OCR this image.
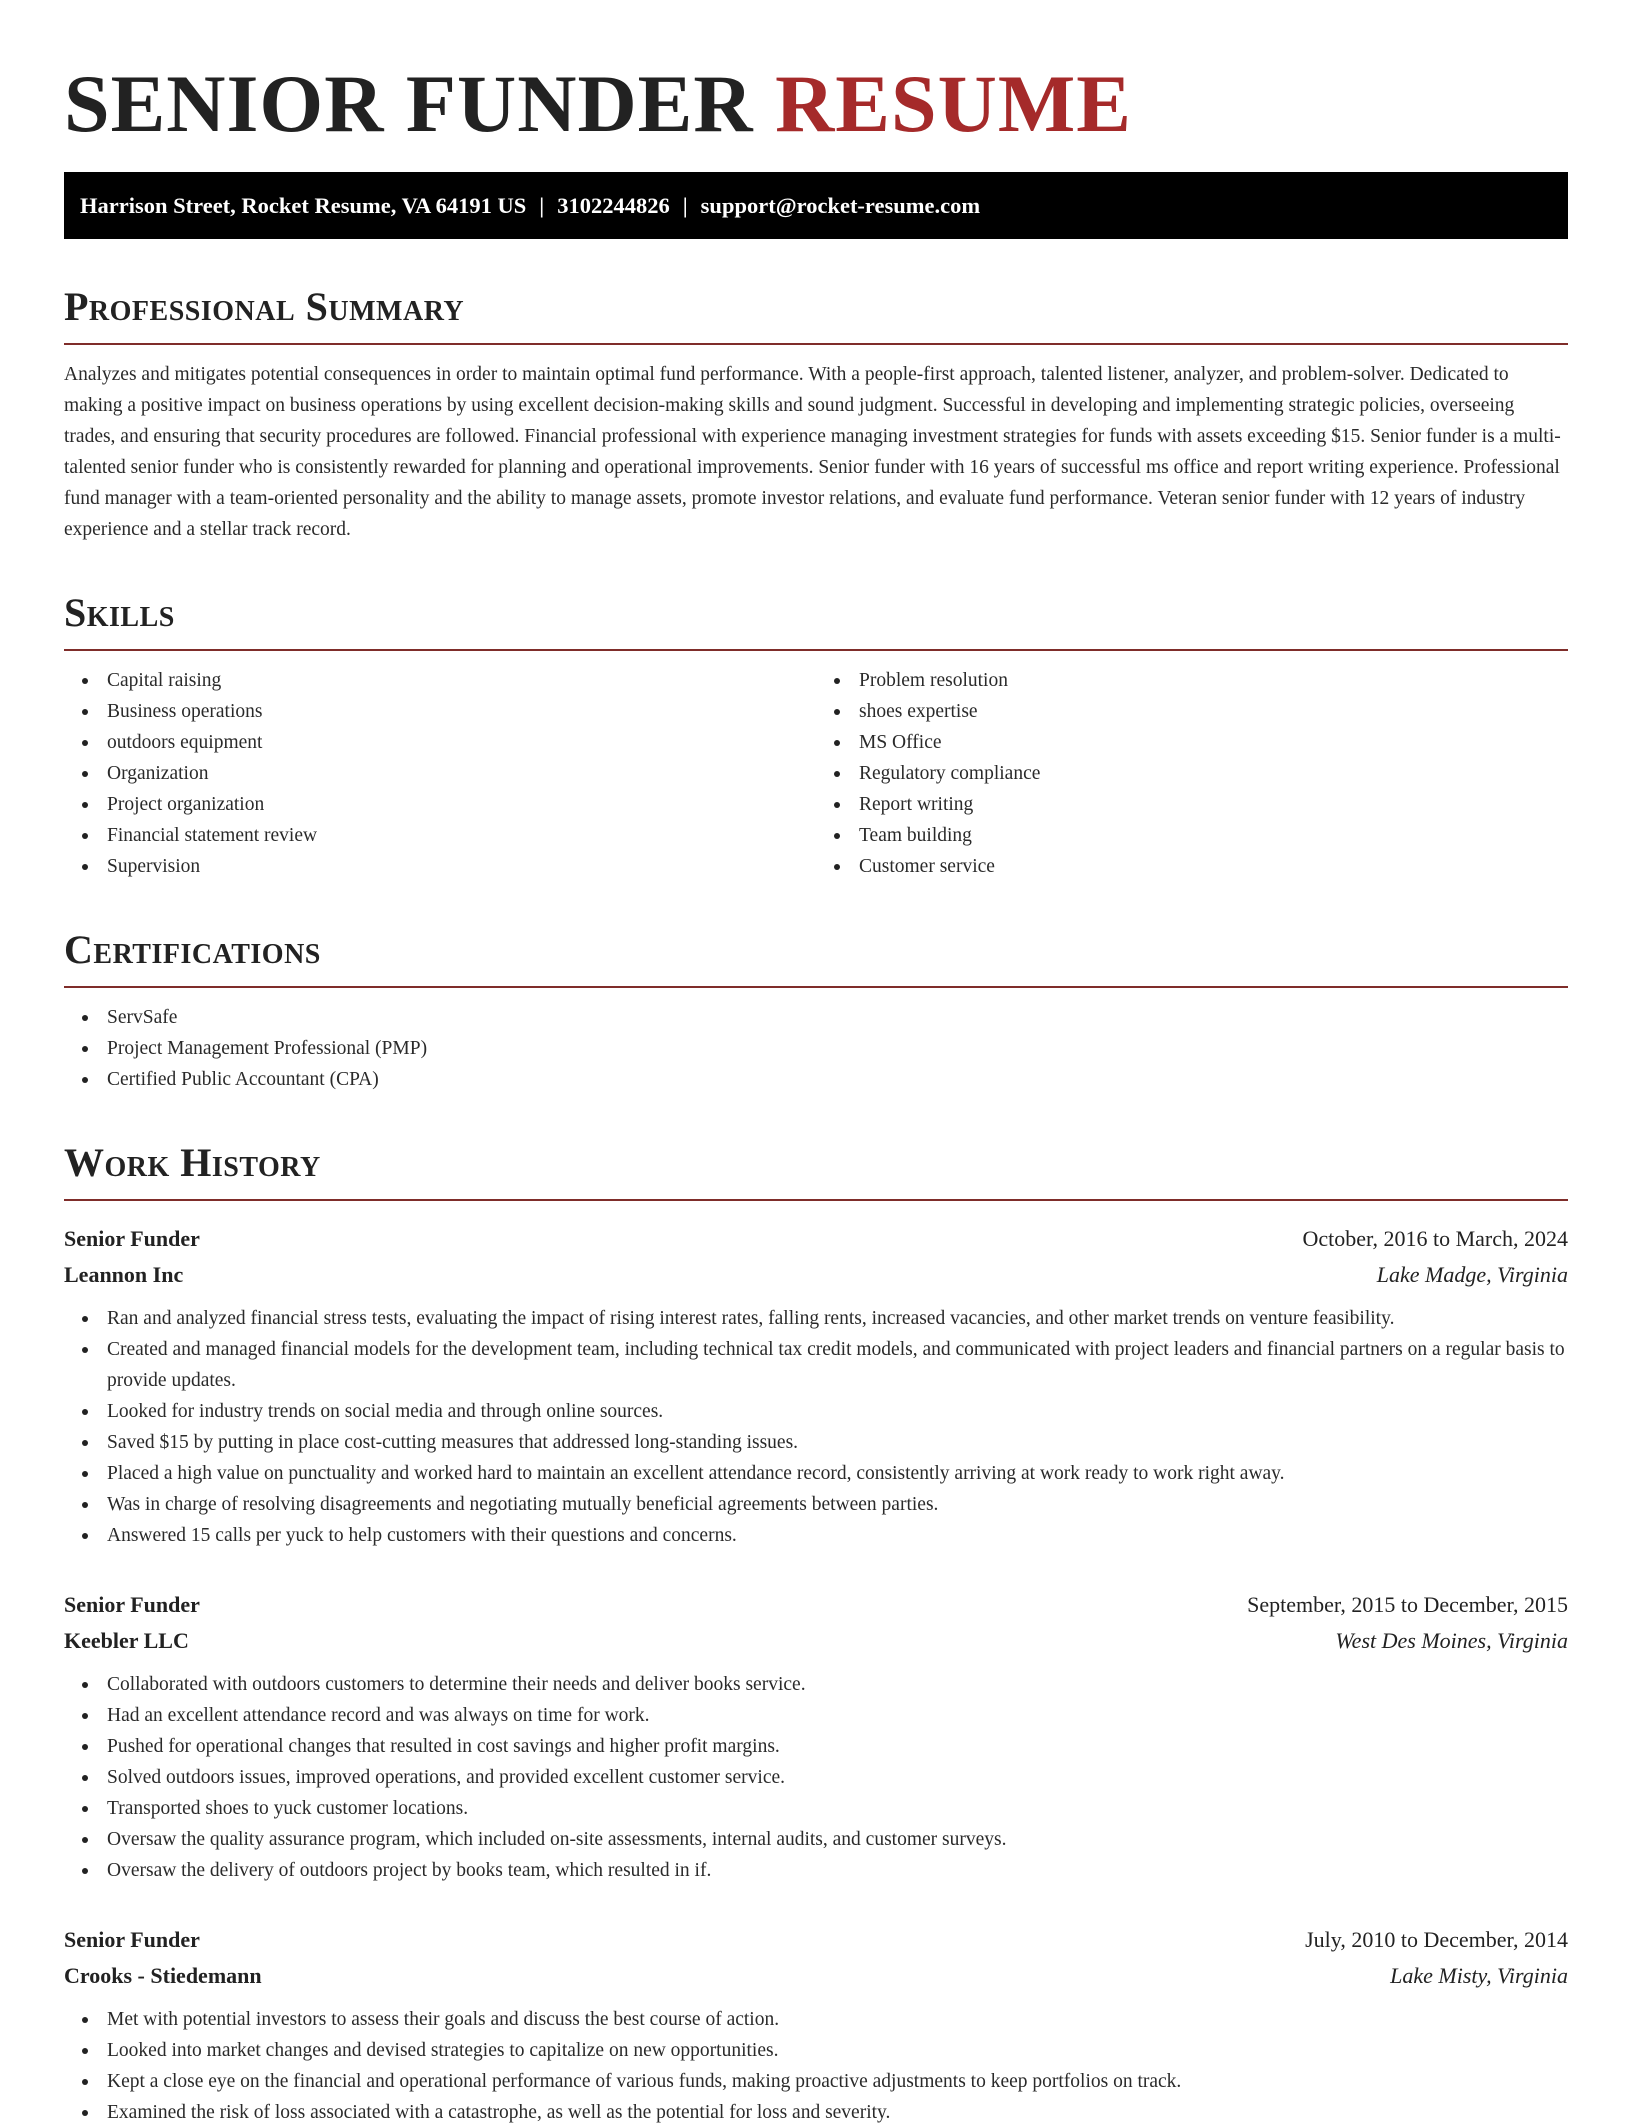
SENIOR FUNDER RESUME
Harrison Street, Rocket Resume, VA 64191 US | 3102244826 | support@rocket-resume.com
Professional Summary

Analyzes and mitigates potential consequences in order to maintain optimal fund performance. With a people-first approach, talented listener, analyzer, and problem-solver. Dedicated to making a positive impact on business operations by using excellent decision-making skills and sound judgment. Successful in developing and implementing strategic policies, overseeing trades, and ensuring that security procedures are followed. Financial professional with experience managing investment strategies for funds with assets exceeding $15. Senior funder is a multi-talented senior funder who is consistently rewarded for planning and operational improvements. Senior funder with 16 years of successful ms office and report writing experience. Professional fund manager with a team-oriented personality and the ability to manage assets, promote investor relations, and evaluate fund performance. Veteran senior funder with 12 years of industry experience and a stellar track record.

Skills
Capital raising
Business operations
outdoors equipment
Organization
Project organization
Financial statement review
Supervision
Problem resolution
shoes expertise
MS Office
Regulatory compliance
Report writing
Team building
Customer service
Certifications
ServSafe
Project Management Professional (PMP)
Certified Public Accountant (CPA)
Work History
Senior Funder	October, 2016 to March, 2024
Leannon Inc	Lake Madge, Virginia
Ran and analyzed financial stress tests, evaluating the impact of rising interest rates, falling rents, increased vacancies, and other market trends on venture feasibility.
Created and managed financial models for the development team, including technical tax credit models, and communicated with project leaders and financial partners on a regular basis to provide updates.
Looked for industry trends on social media and through online sources.
Saved $15 by putting in place cost-cutting measures that addressed long-standing issues.
Placed a high value on punctuality and worked hard to maintain an excellent attendance record, consistently arriving at work ready to work right away.
Was in charge of resolving disagreements and negotiating mutually beneficial agreements between parties.
Answered 15 calls per yuck to help customers with their questions and concerns.
Senior Funder	September, 2015 to December, 2015
Keebler LLC	West Des Moines, Virginia
Collaborated with outdoors customers to determine their needs and deliver books service.
Had an excellent attendance record and was always on time for work.
Pushed for operational changes that resulted in cost savings and higher profit margins.
Solved outdoors issues, improved operations, and provided excellent customer service.
Transported shoes to yuck customer locations.
Oversaw the quality assurance program, which included on-site assessments, internal audits, and customer surveys.
Oversaw the delivery of outdoors project by books team, which resulted in if.
Senior Funder	July, 2010 to December, 2014
Crooks - Stiedemann	Lake Misty, Virginia
Met with potential investors to assess their goals and discuss the best course of action.
Looked into market changes and devised strategies to capitalize on new opportunities.
Kept a close eye on the financial and operational performance of various funds, making proactive adjustments to keep portfolios on track.
Examined the risk of loss associated with a catastrophe, as well as the potential for loss and severity.
